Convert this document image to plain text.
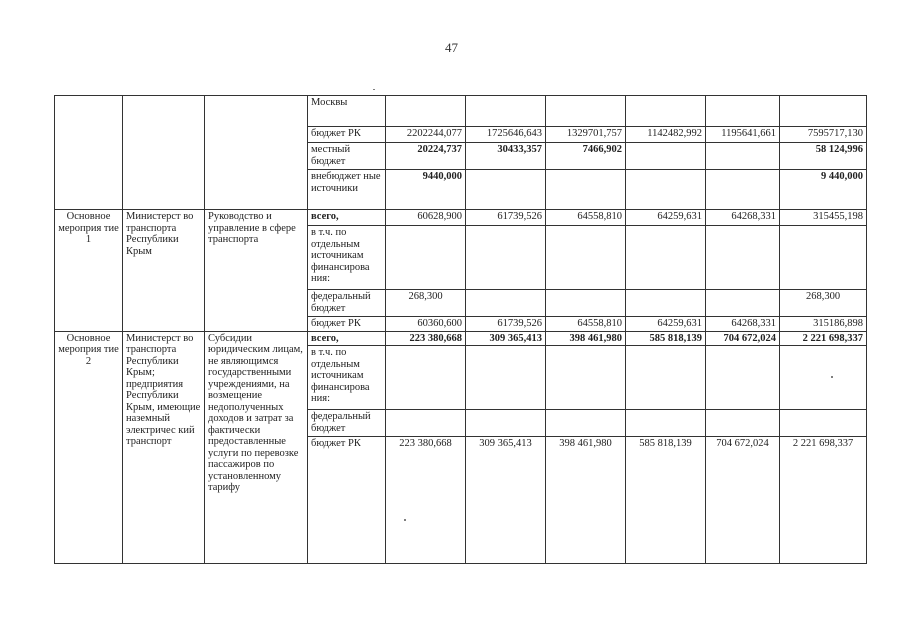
47
			Москвы						
			бюджет РК	2202244,077	1725646,643	1329701,757	1142482,992	1195641,661	7595717,130
			местный бюджет	20224,737	30433,357	7466,902			58 124,996
			внебюджет ные источники	9440,000					9 440,000
Основное мероприя тие 1	Министерст во транспорта Республики Крым	Руководство и управление в сфере транспорта	всего,	60628,900	61739,526	64558,810	64259,631	64268,331	315455,198
			в т.ч. по отдельным источникам финансирова ния:						
			федеральный бюджет	268,300					268,300
			бюджет РК	60360,600	61739,526	64558,810	64259,631	64268,331	315186,898
Основное мероприя тие 2	Министерст во транспорта Республики Крым; предприятия Республики Крым, имеющие наземный электричес кий транспорт	Субсидии юридическим лицам, не являющимся государственными учреждениями, на возмещение недополученных доходов и затрат за фактически предоставленные услуги по перевозке пассажиров по установленному тарифу	всего,	223 380,668	309 365,413	398 461,980	585 818,139	704 672,024	2 221 698,337
			в т.ч. по отдельным источникам финансирова ния:						
			федеральный бюджет						
			бюджет РК	223 380,668	309 365,413	398 461,980	585 818,139	704 672,024	2 221 698,337
